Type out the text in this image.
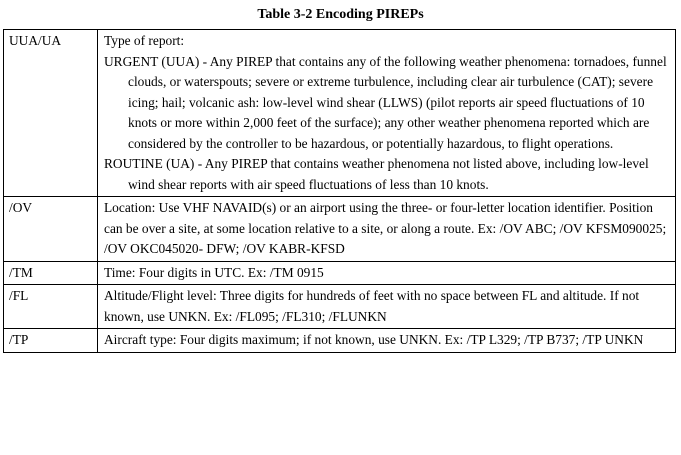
Table 3-2 Encoding PIREPs
UUA/UA	Type of report:
URGENT (UUA) - Any PIREP that contains any of the following weather phenomena: tornadoes, funnel clouds, or waterspouts; severe or extreme turbulence, including clear air turbulence (CAT); severe icing; hail; volcanic ash: low-level wind shear (LLWS) (pilot reports air speed fluctuations of 10 knots or more within 2,000 feet of the surface); any other weather phenomena reported which are considered by the controller to be hazardous, or potentially hazardous, to flight operations.
ROUTINE (UA) - Any PIREP that contains weather phenomena not listed above, including low-level wind shear reports with air speed fluctuations of less than 10 knots.

/OV	Location: Use VHF NAVAID(s) or an airport using the three- or four-letter location identifier. Position can be over a site, at some location relative to a site, or along a route. Ex: /OV ABC; /OV KFSM090025; /OV OKC045020- DFW; /OV KABR-KFSD
/TM	Time: Four digits in UTC. Ex: /TM 0915
/FL	Altitude/Flight level: Three digits for hundreds of feet with no space between FL and altitude. If not known, use UNKN. Ex: /FL095; /FL310; /FLUNKN
/TP	Aircraft type: Four digits maximum; if not known, use UNKN. Ex: /TP L329; /TP B737; /TP UNKN
